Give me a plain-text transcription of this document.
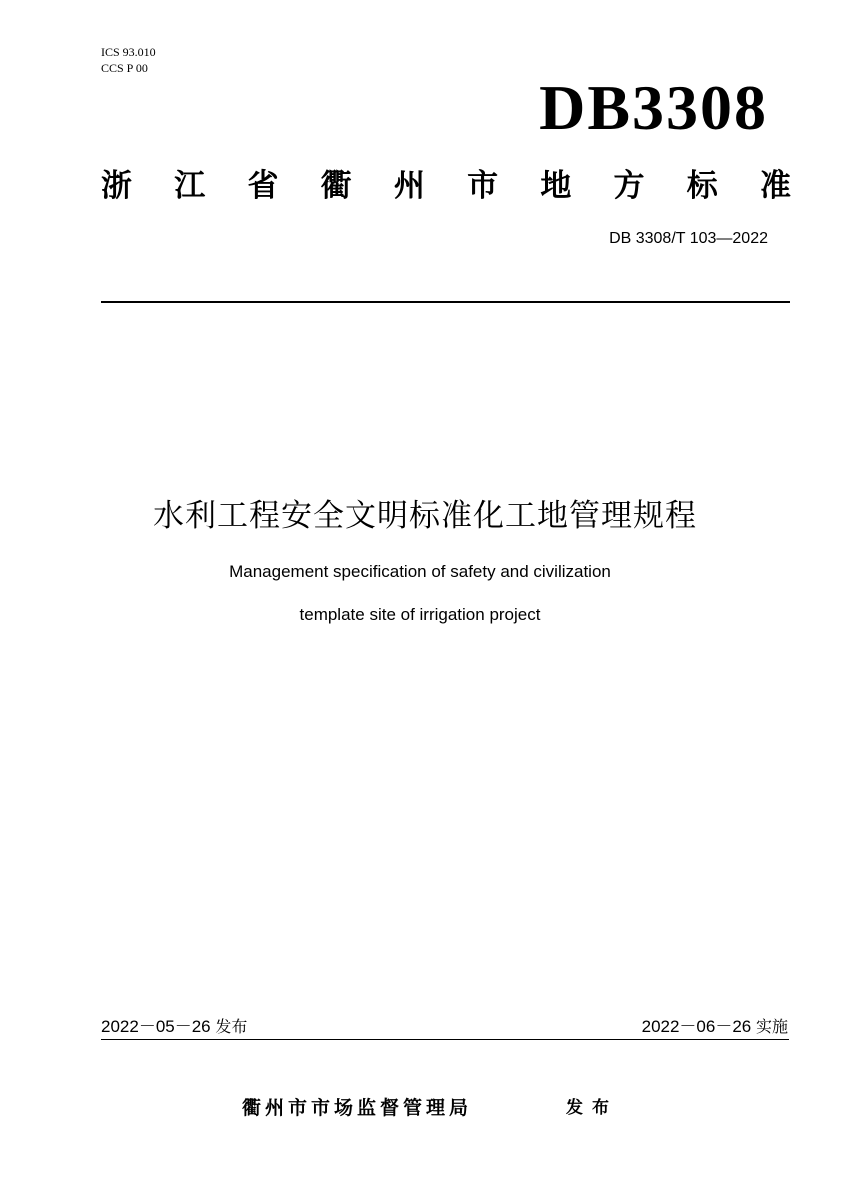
ICS 93.010
CCS P 00
DB3308
浙 江 省 衢 州 市 地 方 标 准
DB 3308/T 103—2022
水利工程安全文明标准化工地管理规程
Management specification of safety and civilization
template site of irrigation project
2022－05－26 发布	2022－06－26 实施
衢州市市场监督管理局	发布
